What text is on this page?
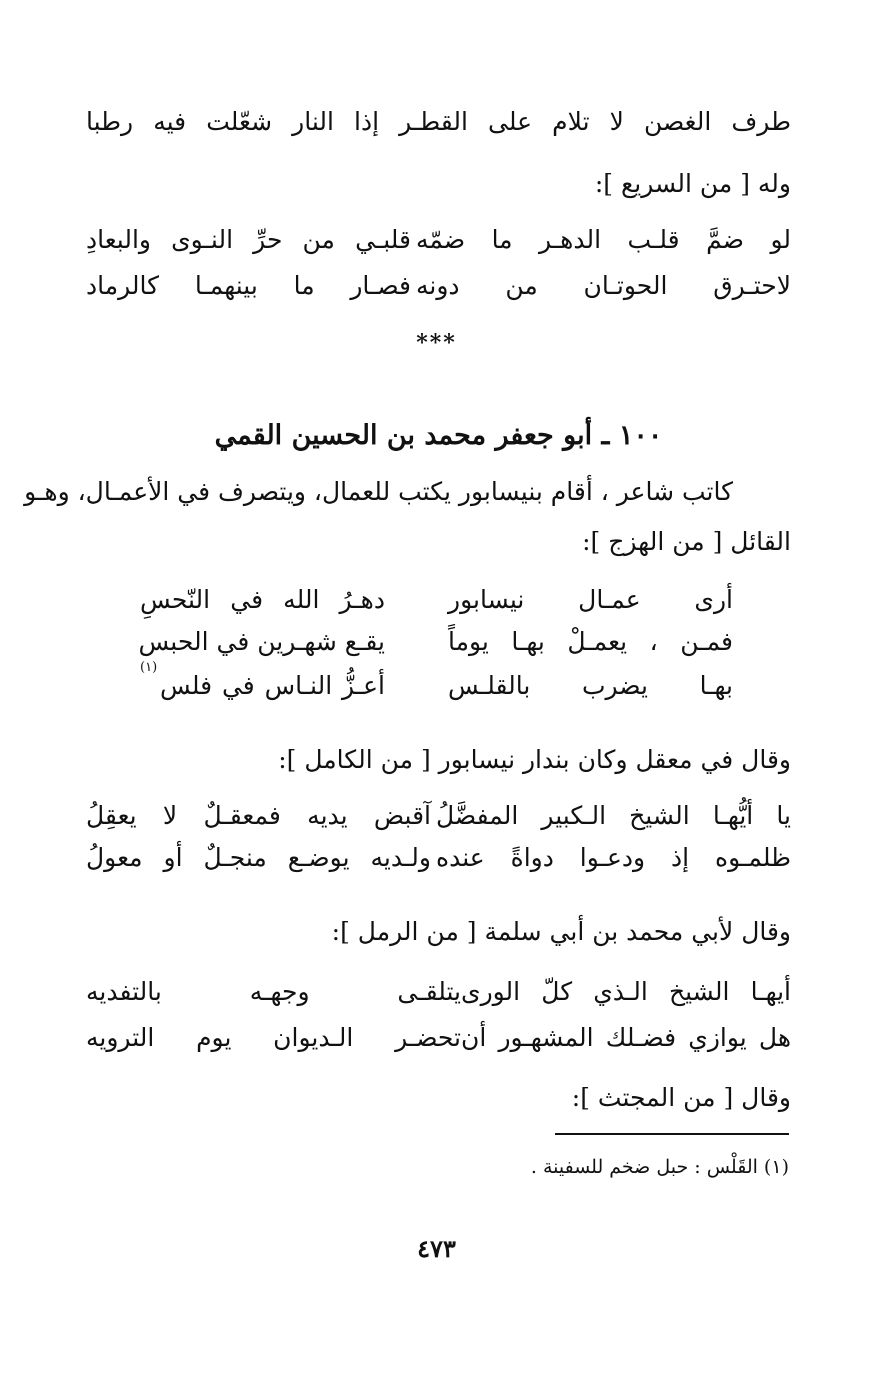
طرف الغصن لا تلام على القطـر إذا النار شعّلت فيه رطبا
وله [ من السريع ]:
لو ضمَّ قلـب الدهـر ما ضمّه
قلبـي من حرِّ النـوى والبعادِ
لاحتـرق الحوتـان من دونه
فصـار ما بينهمـا كالرماد
***
١٠٠ ـ أبو جعفر محمد بن الحسين القمي
كاتب شاعر ، أقام بنيسابور يكتب للعمال، ويتصرف في الأعمـال، وهـو
القائل [ من الهزج ]:
أرى عمـال نيسابور
دهـرُ الله في النّحسِ
فمـن ، يعمـلْ بهـا يوماً
يقـع شهـرين في الحبس
بهـا يضرب بالقلـس
أعـزُّ النـاس في فلس
(١)
وقال في معقل وكان بندار نيسابور [ من الكامل ]:
يا أيُّهـا الشيخ الـكبير المفضَّلُ
آقبض يديه فمعقـلٌ لا يعقِلُ
ظلمـوه إذ ودعـوا دواةً عنده
ولـديه يوضـع منجـلٌ أو معولُ
وقال لأبي محمد بن أبي سلمة [ من الرمل ]:
أيهـا الشيخ الـذي كلّ الورى
يتلقـى وجهـه بالتفديه
هل يوازي فضـلك المشهـور أن
تحضـر الـديوان يوم الترويه
وقال [ من المجتث ]:
(١) القَلْس : حبل ضخم للسفينة .
٤٧٣
